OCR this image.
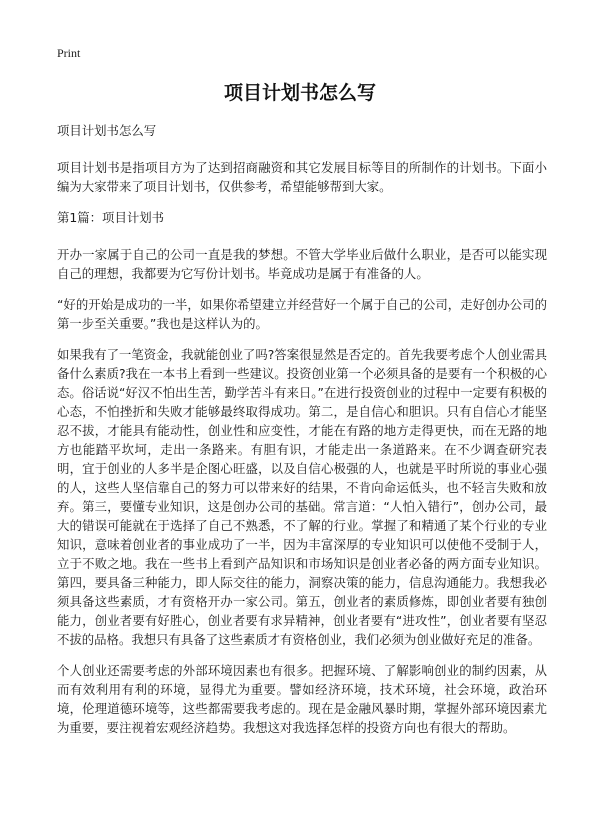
Print
项目计划书怎么写

项目计划书怎么写

项目计划书是指项目方为了达到招商融资和其它发展目标等目的所制作的计划书。下面小编为大家带来了项目计划书，仅供参考，希望能够帮到大家。

第1篇：项目计划书

开办一家属于自己的公司一直是我的梦想。不管大学毕业后做什么职业，是否可以能实现自己的理想，我都要为它写份计划书。毕竟成功是属于有准备的人。

“好的开始是成功的一半，如果你希望建立并经营好一个属于自己的公司，走好创办公司的第一步至关重要。”我也是这样认为的。

如果我有了一笔资金，我就能创业了吗?答案很显然是否定的。首先我要考虑个人创业需具备什么素质?我在一本书上看到一些建议。投资创业第一个必须具备的是要有一个积极的心态。俗话说“好汉不怕出生苦，勤学苦斗有来日。”在进行投资创业的过程中一定要有积极的心态，不怕挫折和失败才能够最终取得成功。第二，是自信心和胆识。只有自信心才能坚忍不拔，才能具有能动性，创业性和应变性，才能在有路的地方走得更快，而在无路的地方也能踏平坎坷，走出一条路来。有胆有识，才能走出一条道路来。在不少调查研究表明，宜于创业的人多半是企图心旺盛，以及自信心极强的人，也就是平时所说的事业心强的人，这些人坚信靠自己的努力可以带来好的结果，不肯向命运低头，也不轻言失败和放弃。第三，要懂专业知识，这是创办公司的基础。常言道：“人怕入错行”，创办公司，最大的错误可能就在于选择了自己不熟悉，不了解的行业。掌握了和精通了某个行业的专业知识，意味着创业者的事业成功了一半，因为丰富深厚的专业知识可以使他不受制于人，立于不败之地。我在一些书上看到产品知识和市场知识是创业者必备的两方面专业知识。第四，要具备三种能力，即人际交往的能力，洞察决策的能力，信息沟通能力。我想我必须具备这些素质，才有资格开办一家公司。第五，创业者的素质修炼，即创业者要有独创能力，创业者要有好胜心，创业者要有求异精神，创业者要有“进攻性”，创业者要有坚忍不拔的品格。我想只有具备了这些素质才有资格创业，我们必须为创业做好充足的准备。

个人创业还需要考虑的外部环境因素也有很多。把握环境、了解影响创业的制约因素，从而有效利用有利的环境，显得尤为重要。譬如经济环境，技术环境，社会环境，政治环境，伦理道德环境等，这些都需要我考虑的。现在是金融风暴时期，掌握外部环境因素尤为重要，要注视着宏观经济趋势。我想这对我选择怎样的投资方向也有很大的帮助。
